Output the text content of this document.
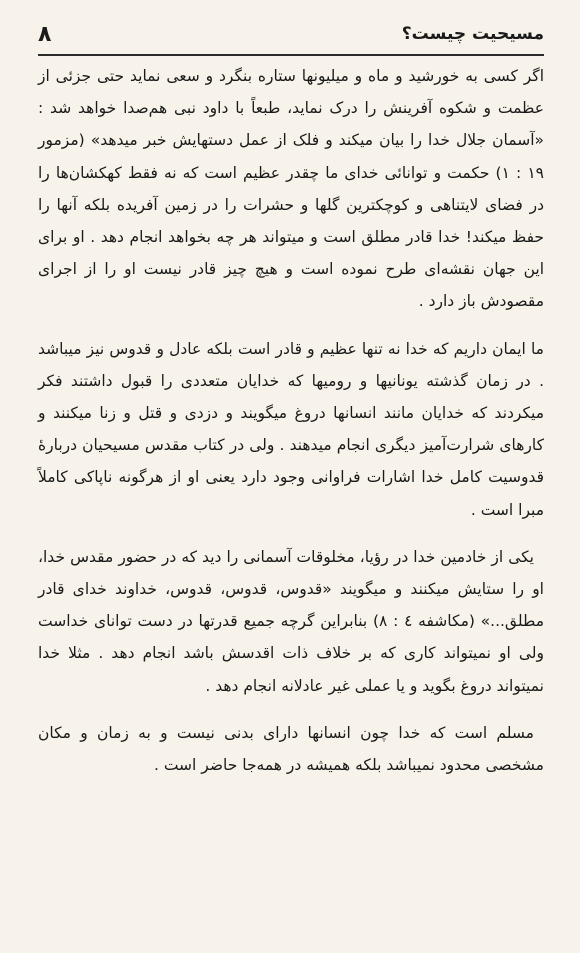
٨	مسیحیت چیست؟

اگر کسی به خورشید و ماه و میلیونها ستاره بنگرد و سعی نماید حتی جزئی از عظمت و شکوه آفرینش را درک نماید، طبعاً با داود نبی هم‌صدا خواهد شد : «آسمان جلال خدا را بیان میکند و فلک از عمل دستهایش خبر میدهد» (مزمور ١٩ : ١) حکمت و توانائی خدای ما چقدر عظیم است که نه فقط کهکشان‌ها را در فضای لایتناهی و کوچکترین گلها و حشرات را در زمین آفریده بلکه آنها را حفظ میکند! خدا قادر مطلق است و میتواند هر چه بخواهد انجام دهد . او برای این جهان نقشه‌ای طرح نموده است و هیچ چیز قادر نیست او را از اجرای مقصودش باز دارد .

ما ایمان داریم که خدا نه تنها عظیم و قادر است بلکه عادل و قدوس نیز میباشد . در زمان گذشته یونانیها و رومیها که خدایان متعددی را قبول داشتند فکر میکردند که خدایان مانند انسانها دروغ میگویند و دزدی و قتل و زنا میکنند و کارهای شرارت‌آمیز دیگری انجام میدهند . ولی در کتاب مقدس مسیحیان دربارهٔ قدوسیت کامل خدا اشارات فراوانی وجود دارد یعنی او از هرگونه ناپاکی کاملاً مبرا است .

یکی از خادمین خدا در رؤیا، مخلوقات آسمانی را دید که در حضور مقدس خدا، او را ستایش میکنند و میگویند «قدوس، قدوس، قدوس، خداوند خدای قادر مطلق...» (مکاشفه ٤ : ٨) بنابراین گرچه جمیع قدرتها در دست توانای خداست ولی او نمیتواند کاری که بر خلاف ذات اقدسش باشد انجام دهد . مثلا خدا نمیتواند دروغ بگوید و یا عملی غیر عادلانه انجام دهد .

مسلم است که خدا چون انسانها دارای بدنی نیست و به زمان و مکان مشخصی محدود نمیباشد بلکه همیشه در همه‌جا حاضر است .
